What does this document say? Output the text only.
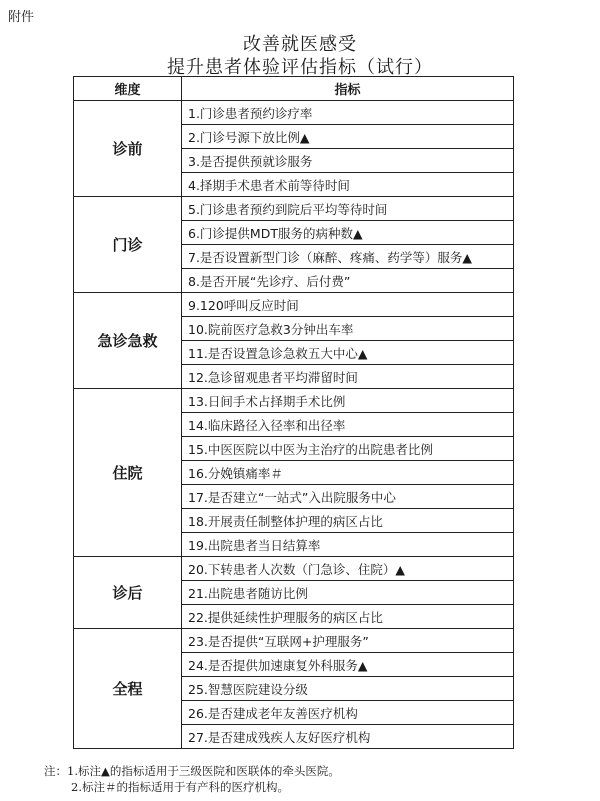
附件
改善就医感受
提升患者体验评估指标（试行）
维度	指标
诊前	1.门诊患者预约诊疗率
	2.门诊号源下放比例▲
	3.是否提供预就诊服务
	4.择期手术患者术前等待时间
门诊	5.门诊患者预约到院后平均等待时间
	6.门诊提供MDT服务的病种数▲
	7.是否设置新型门诊（麻醉、疼痛、药学等）服务▲
	8.是否开展“先诊疗、后付费”
急诊急救	9.120呼叫反应时间
	10.院前医疗急救3分钟出车率
	11.是否设置急诊急救五大中心▲
	12.急诊留观患者平均滞留时间
住院	13.日间手术占择期手术比例
	14.临床路径入径率和出径率
	15.中医医院以中医为主治疗的出院患者比例
	16.分娩镇痛率＃
	17.是否建立“一站式”入出院服务中心
	18.开展责任制整体护理的病区占比
	19.出院患者当日结算率
诊后	20.下转患者人次数（门急诊、住院）▲
	21.出院患者随访比例
	22.提供延续性护理服务的病区占比
全程	23.是否提供“互联网+护理服务”
	24.是否提供加速康复外科服务▲
	25.智慧医院建设分级
	26.是否建成老年友善医疗机构
	27.是否建成残疾人友好医疗机构
注：1.标注▲的指标适用于三级医院和医联体的牵头医院。
2.标注＃的指标适用于有产科的医疗机构。
